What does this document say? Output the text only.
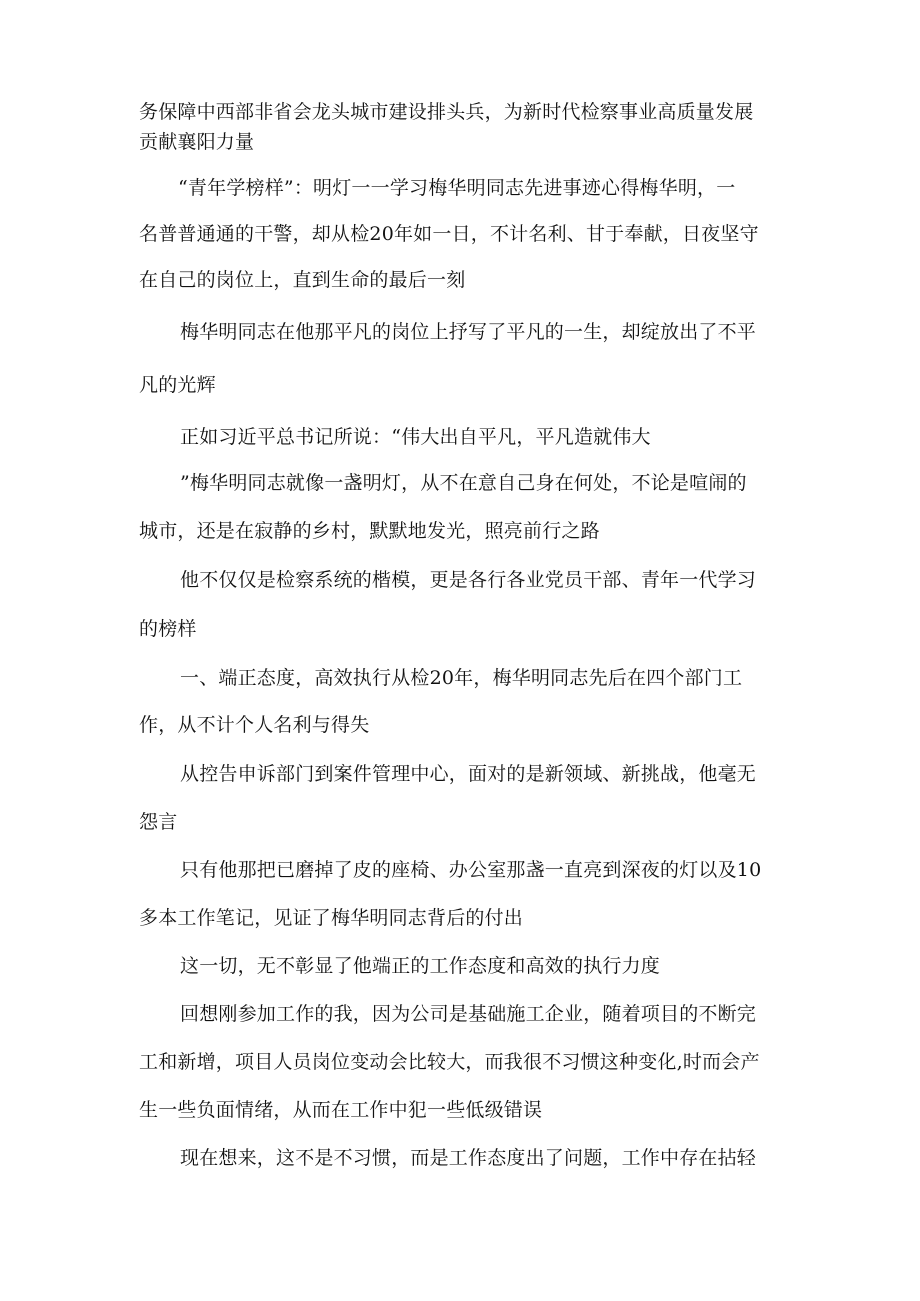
务保障中西部非省会龙头城市建设排头兵，为新时代检察事业高质量发展
贡献襄阳力量
“青年学榜样”：明灯一一学习梅华明同志先进事迹心得梅华明，一
名普普通通的干警，却从检20年如一日，不计名利、甘于奉献，日夜坚守
在自己的岗位上，直到生命的最后一刻
梅华明同志在他那平凡的岗位上抒写了平凡的一生，却绽放出了不平
凡的光辉
正如习近平总书记所说：“伟大出自平凡，平凡造就伟大
”梅华明同志就像一盏明灯，从不在意自己身在何处，不论是喧闹的
城市，还是在寂静的乡村，默默地发光，照亮前行之路
他不仅仅是检察系统的楷模，更是各行各业党员干部、青年一代学习
的榜样
一、端正态度，高效执行从检20年，梅华明同志先后在四个部门工
作，从不计个人名利与得失
从控告申诉部门到案件管理中心，面对的是新领域、新挑战，他毫无
怨言
只有他那把已磨掉了皮的座椅、办公室那盏一直亮到深夜的灯以及10
多本工作笔记，见证了梅华明同志背后的付出
这一切，无不彰显了他端正的工作态度和高效的执行力度
回想刚参加工作的我，因为公司是基础施工企业，随着项目的不断完
工和新增，项目人员岗位变动会比较大，而我很不习惯这种变化,时而会产
生一些负面情绪，从而在工作中犯一些低级错误
现在想来，这不是不习惯，而是工作态度出了问题，工作中存在拈轻
